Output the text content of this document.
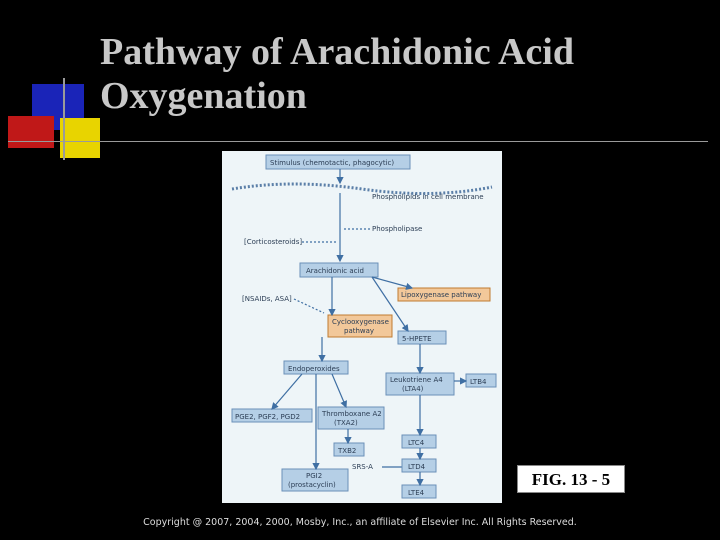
Pathway of Arachidonic Acid Oxygenation
Stimulus (chemotactic, phagocytic)
Phospholipids in cell membrane
Phospholipase
[Corticosteroids]
Arachidonic acid
[NSAIDs, ASA]	Lipoxygenase pathway
Cyclooxygenase
pathway
5-HPETE
Endoperoxides
Leukotriene A4
(LTA4)
LTB4
PGE2, PGF2, PGD2	Thromboxane A2
(TXA2)
LTC4
TXB2
SRS-A	LTD4
PGI2
(prostacyclin)
LTE4
FIG. 13 - 5
Copyright @ 2007, 2004, 2000, Mosby, Inc., an affiliate of Elsevier Inc. All Rights Reserved.
